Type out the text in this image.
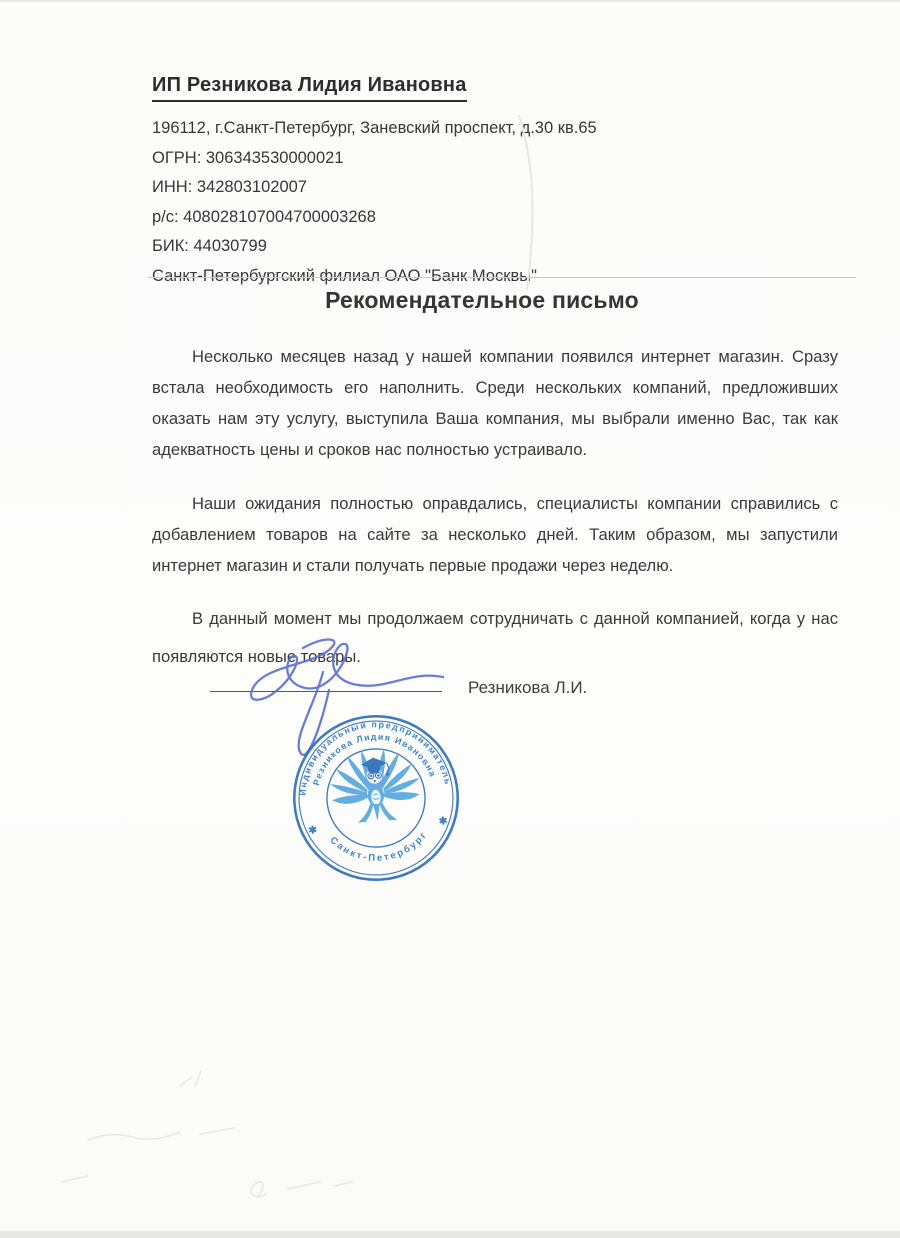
ИП Резникова Лидия Ивановна
196112, г.Санкт-Петербург, Заневский проспект, д.30 кв.65
ОГРН: 306343530000021
ИНН: 342803102007
р/с: 408028107004700003268
БИК: 44030799
Санкт-Петербургский филиал ОАО "Банк Москвы"
Рекомендательное письмо

Несколько месяцев назад у нашей компании появился интернет магазин. Сразу встала необходимость его наполнить. Среди нескольких компаний, предложивших оказать нам эту услугу, выступила Ваша компания, мы выбрали именно Вас, так как адекватность цены и сроков нас полностью устраивало.

Наши ожидания полностью оправдались, специалисты компании справились с добавлением товаров на сайте за несколько дней. Таким образом, мы запустили интернет магазин и стали получать первые продажи через неделю.

В данный момент мы продолжаем сотрудничать с данной компанией, когда у нас появляются новые товары.

Резникова Л.И.
Индивидуальный предприниматель
Резникова Лидия Ивановна
Санкт-Петербург
✱
✱
